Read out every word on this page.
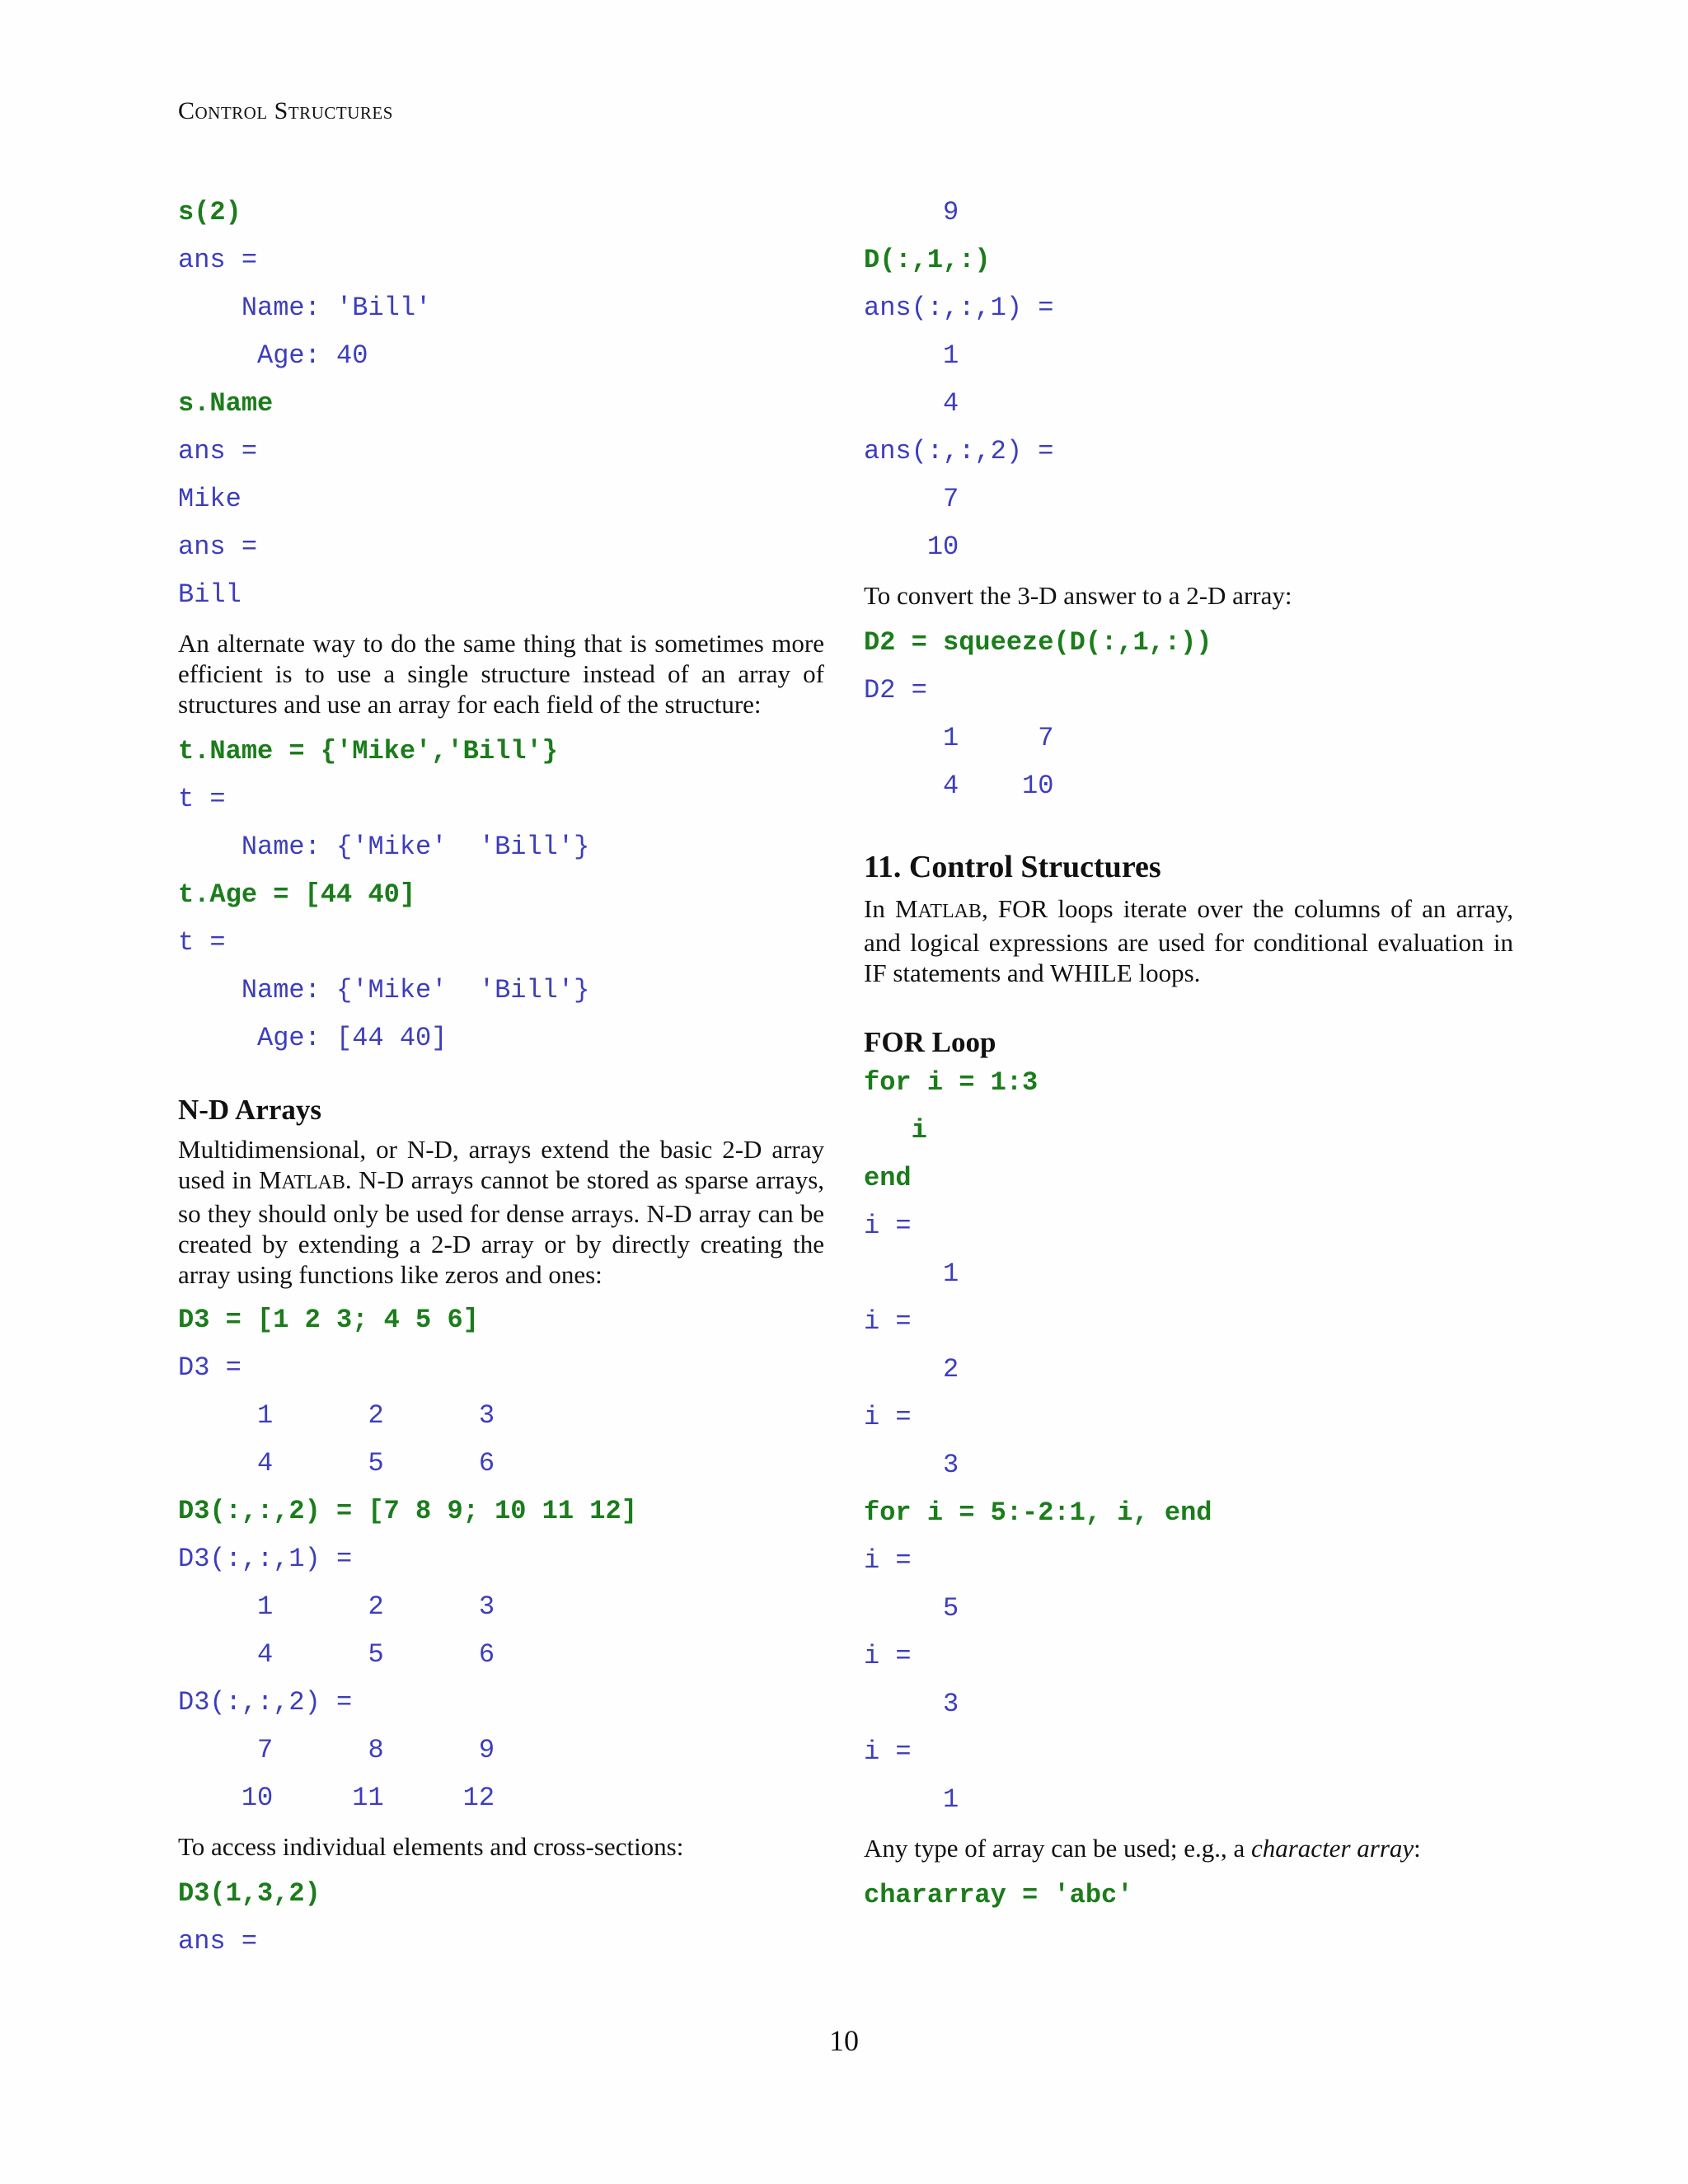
Control Structures
s(2)
ans =
Name: 'Bill'
Age: 40
s.Name
ans =
Mike
ans =
Bill
An alternate way to do the same thing that is sometimes more efficient is to use a single structure instead of an array of structures and use an array for each field of the structure:
t.Name = {'Mike','Bill'}
t =
Name: {'Mike'  'Bill'}
t.Age = [44 40]
t =
Name: {'Mike'  'Bill'}
Age: [44 40]
N-D Arrays
Multidimensional, or N-D, arrays extend the basic 2-D array used in MATLAB. N-D arrays cannot be stored as sparse arrays, so they should only be used for dense arrays. N-D array can be created by extending a 2-D array or by directly creating the array using functions like zeros and ones:
D3 = [1 2 3; 4 5 6]
D3 =
1      2      3
4      5      6
D3(:,:,2) = [7 8 9; 10 11 12]
D3(:,:,1) =
1      2      3
4      5      6
D3(:,:,2) =
7      8      9
10     11     12
To access individual elements and cross-sections:
D3(1,3,2)
ans =
9
D(:,1,:)
ans(:,:,1) =
1
4
ans(:,:,2) =
7
10
To convert the 3-D answer to a 2-D array:
D2 = squeeze(D(:,1,:))
D2 =
1     7
4    10
11. Control Structures
In MATLAB, FOR loops iterate over the columns of an array, and logical expressions are used for conditional evaluation in IF statements and WHILE loops.
FOR Loop
for i = 1:3
i
end
i =
1
i =
2
i =
3
for i = 5:-2:1, i, end
i =
5
i =
3
i =
1
Any type of array can be used; e.g., a character array:
chararray = 'abc'
10
